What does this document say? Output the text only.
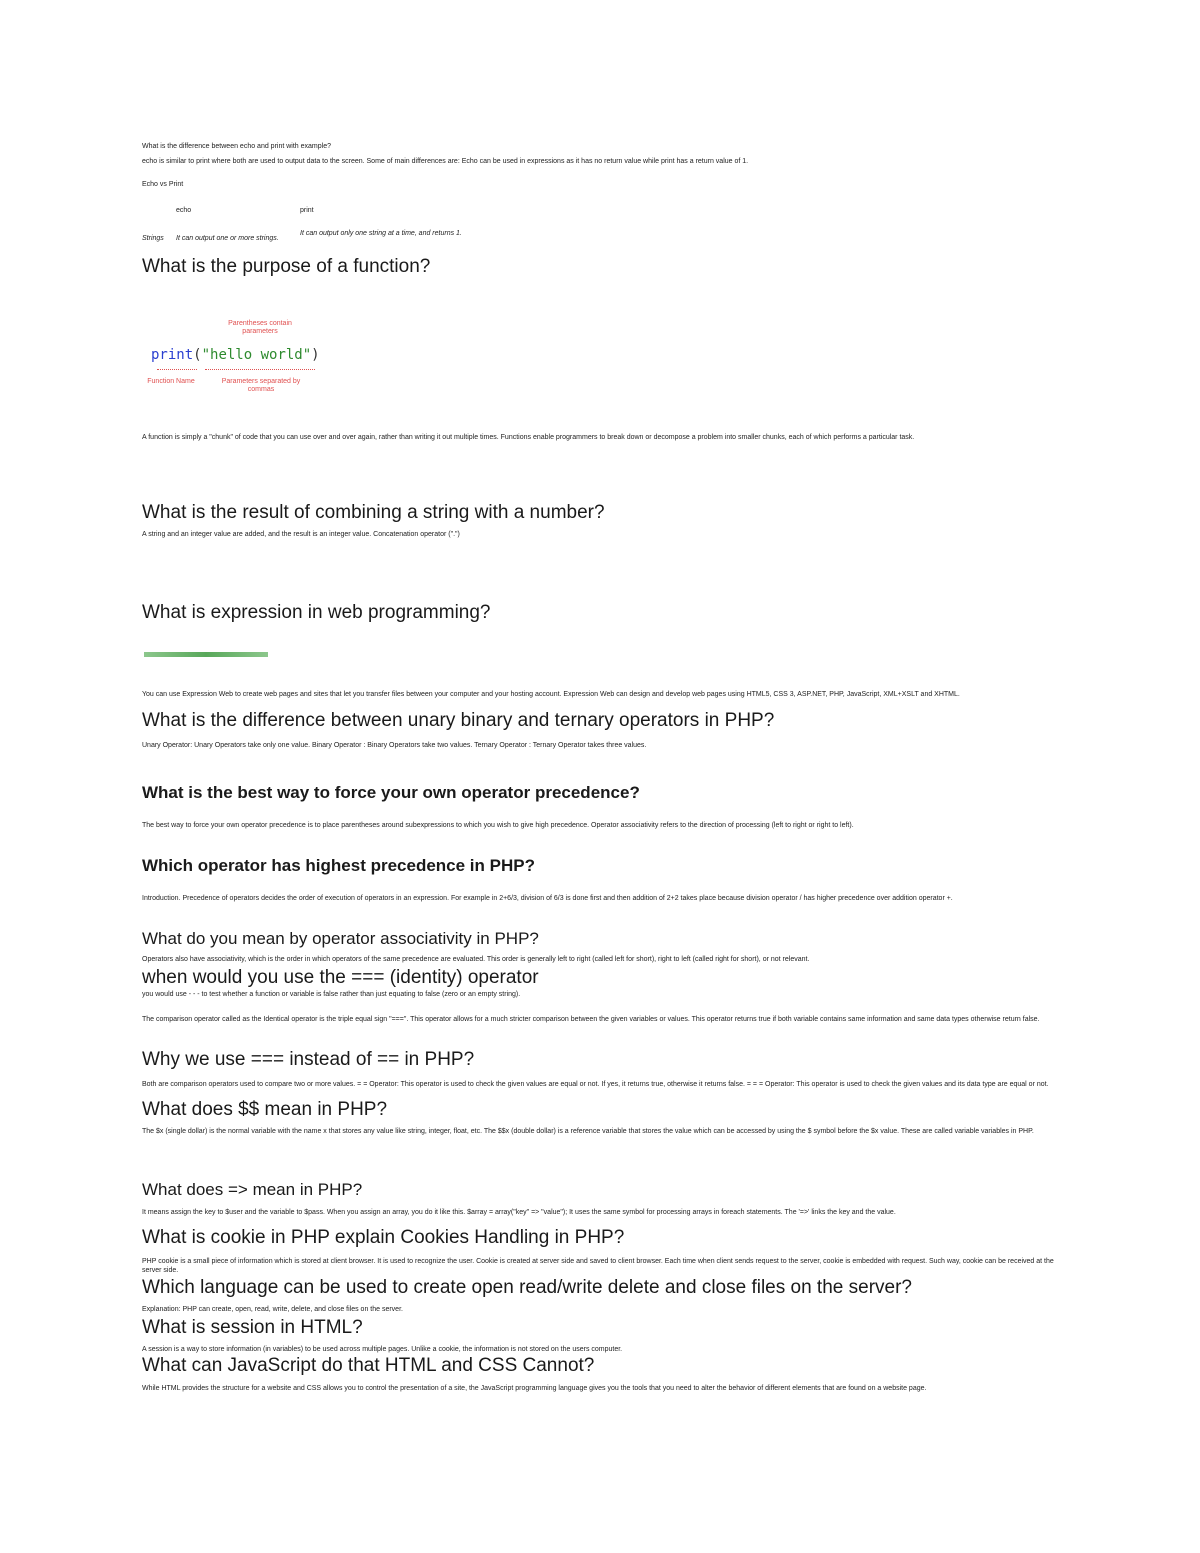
What is the difference between echo and print with example?
echo is similar to print where both are used to output data to the screen. Some of main differences are: Echo can be used in expressions as it has no return value while print has a return value of 1.
Echo vs Print
echo	print
Strings It can output one or more strings.
It can output only one string at a time, and returns 1.
What is the purpose of a function?
Parentheses contain parameters
print("hello world")
Function Name	Parameters separated by commas
A function is simply a "chunk" of code that you can use over and over again, rather than writing it out multiple times. Functions enable programmers to break down or decompose a problem into smaller chunks, each of which performs a particular task.
What is the result of combining a string with a number?
A string and an integer value are added, and the result is an integer value. Concatenation operator (".")
What is expression in web programming?
You can use Expression Web to create web pages and sites that let you transfer files between your computer and your hosting account. Expression Web can design and develop web pages using HTML5, CSS 3, ASP.NET, PHP, JavaScript, XML+XSLT and XHTML.
What is the difference between unary binary and ternary operators in PHP?
Unary Operator: Unary Operators take only one value. Binary Operator : Binary Operators take two values. Ternary Operator : Ternary Operator takes three values.
What is the best way to force your own operator precedence?
The best way to force your own operator precedence is to place parentheses around subexpressions to which you wish to give high precedence. Operator associativity refers to the direction of processing (left to right or right to left).
Which operator has highest precedence in PHP?
Introduction. Precedence of operators decides the order of execution of operators in an expression. For example in 2+6/3, division of 6/3 is done first and then addition of 2+2 takes place because division operator / has higher precedence over addition operator +.
What do you mean by operator associativity in PHP?
Operators also have associativity, which is the order in which operators of the same precedence are evaluated. This order is generally left to right (called left for short), right to left (called right for short), or not relevant.
when would you use the === (identity) operator
you would use - - - to test whether a function or variable is false rather than just equating to false (zero or an empty string).
The comparison operator called as the Identical operator is the triple equal sign "===". This operator allows for a much stricter comparison between the given variables or values. This operator returns true if both variable contains same information and same data types otherwise return false.
Why we use === instead of == in PHP?
Both are comparison operators used to compare two or more values. = = Operator: This operator is used to check the given values are equal or not. If yes, it returns true, otherwise it returns false. = = = Operator: This operator is used to check the given values and its data type are equal or not.
What does $$ mean in PHP?
The $x (single dollar) is the normal variable with the name x that stores any value like string, integer, float, etc. The $$x (double dollar) is a reference variable that stores the value which can be accessed by using the $ symbol before the $x value. These are called variable variables in PHP.
What does => mean in PHP?
It means assign the key to $user and the variable to $pass. When you assign an array, you do it like this. $array = array("key" => "value"); It uses the same symbol for processing arrays in foreach statements. The '=>' links the key and the value.
What is cookie in PHP explain Cookies Handling in PHP?
PHP cookie is a small piece of information which is stored at client browser. It is used to recognize the user. Cookie is created at server side and saved to client browser. Each time when client sends request to the server, cookie is embedded with request. Such way, cookie can be received at the server side.
Which language can be used to create open read/write delete and close files on the server?
Explanation: PHP can create, open, read, write, delete, and close files on the server.
What is session in HTML?
A session is a way to store information (in variables) to be used across multiple pages. Unlike a cookie, the information is not stored on the users computer.
What can JavaScript do that HTML and CSS Cannot?
While HTML provides the structure for a website and CSS allows you to control the presentation of a site, the JavaScript programming language gives you the tools that you need to alter the behavior of different elements that are found on a website page.
